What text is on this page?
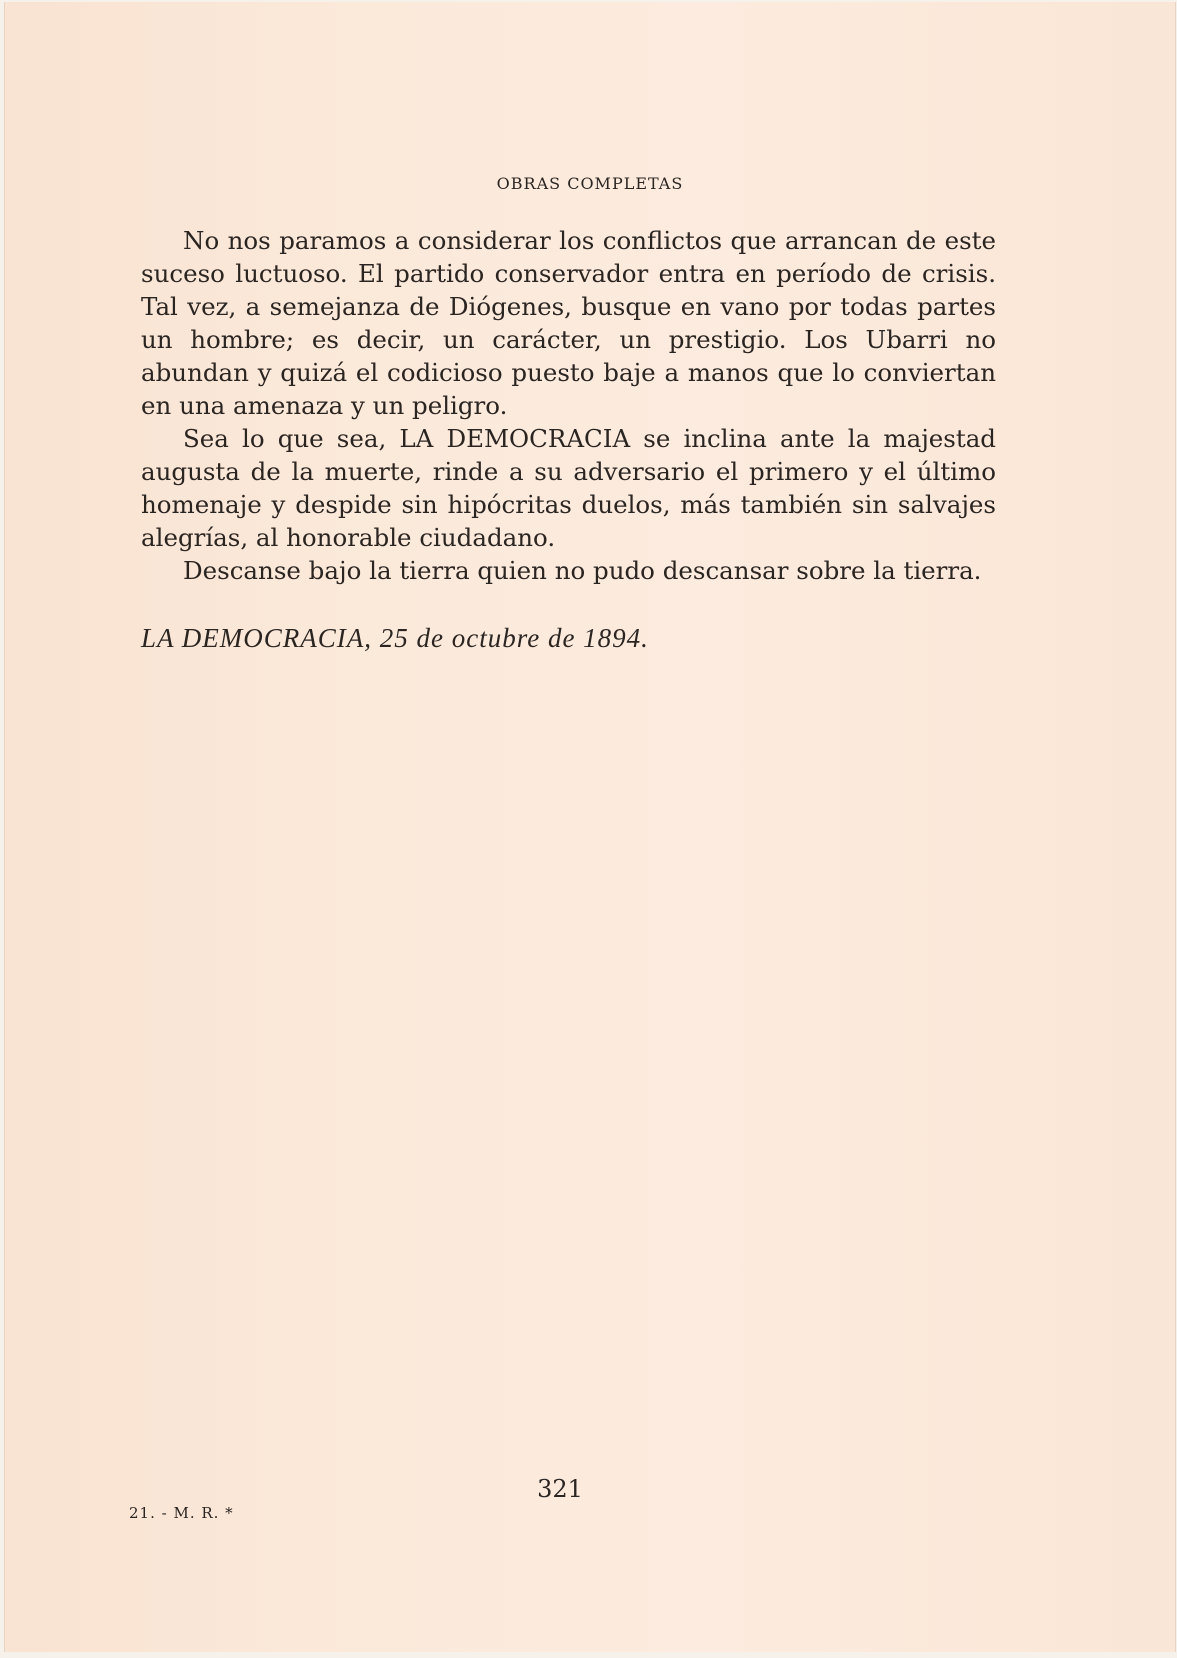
OBRAS COMPLETAS

No nos paramos a considerar los conflictos que arrancan de este suceso luctuoso. El partido conservador entra en período de crisis. Tal vez, a semejanza de Diógenes, busque en vano por todas partes un hombre; es decir, un carácter, un prestigio. Los Ubarri no abundan y quizá el codicioso puesto baje a manos que lo conviertan en una amenaza y un peligro.

Sea lo que sea, LA DEMOCRACIA se inclina ante la majestad augusta de la muerte, rinde a su adversario el primero y el último homenaje y despide sin hipócritas duelos, más también sin salvajes alegrías, al honorable ciudadano.

Descanse bajo la tierra quien no pudo descansar sobre la tierra.

LA DEMOCRACIA, 25 de octubre de 1894.
321
21. - M. R. *
